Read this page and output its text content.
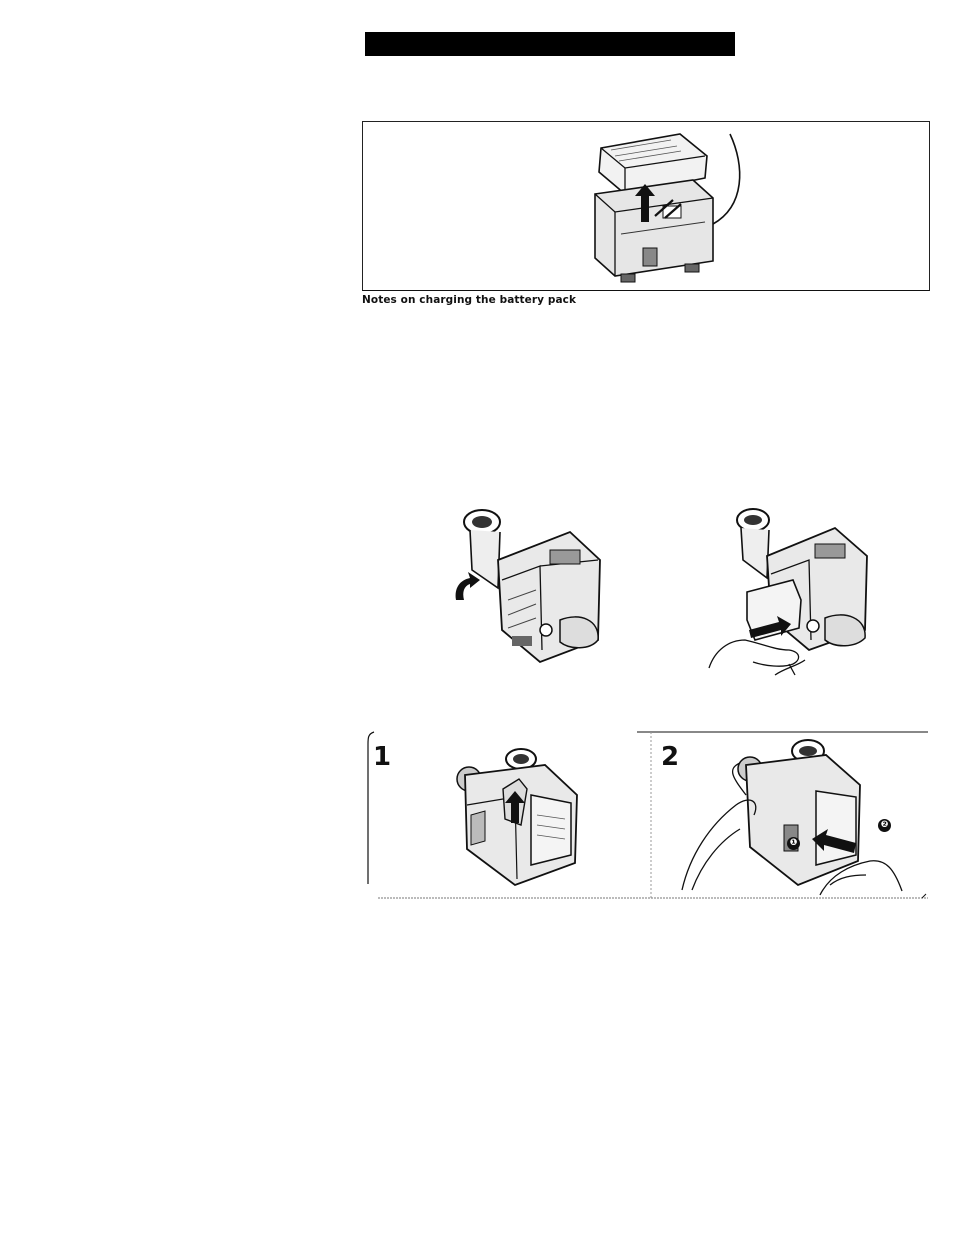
Notes on charging the battery pack
1	2
❶
❷
